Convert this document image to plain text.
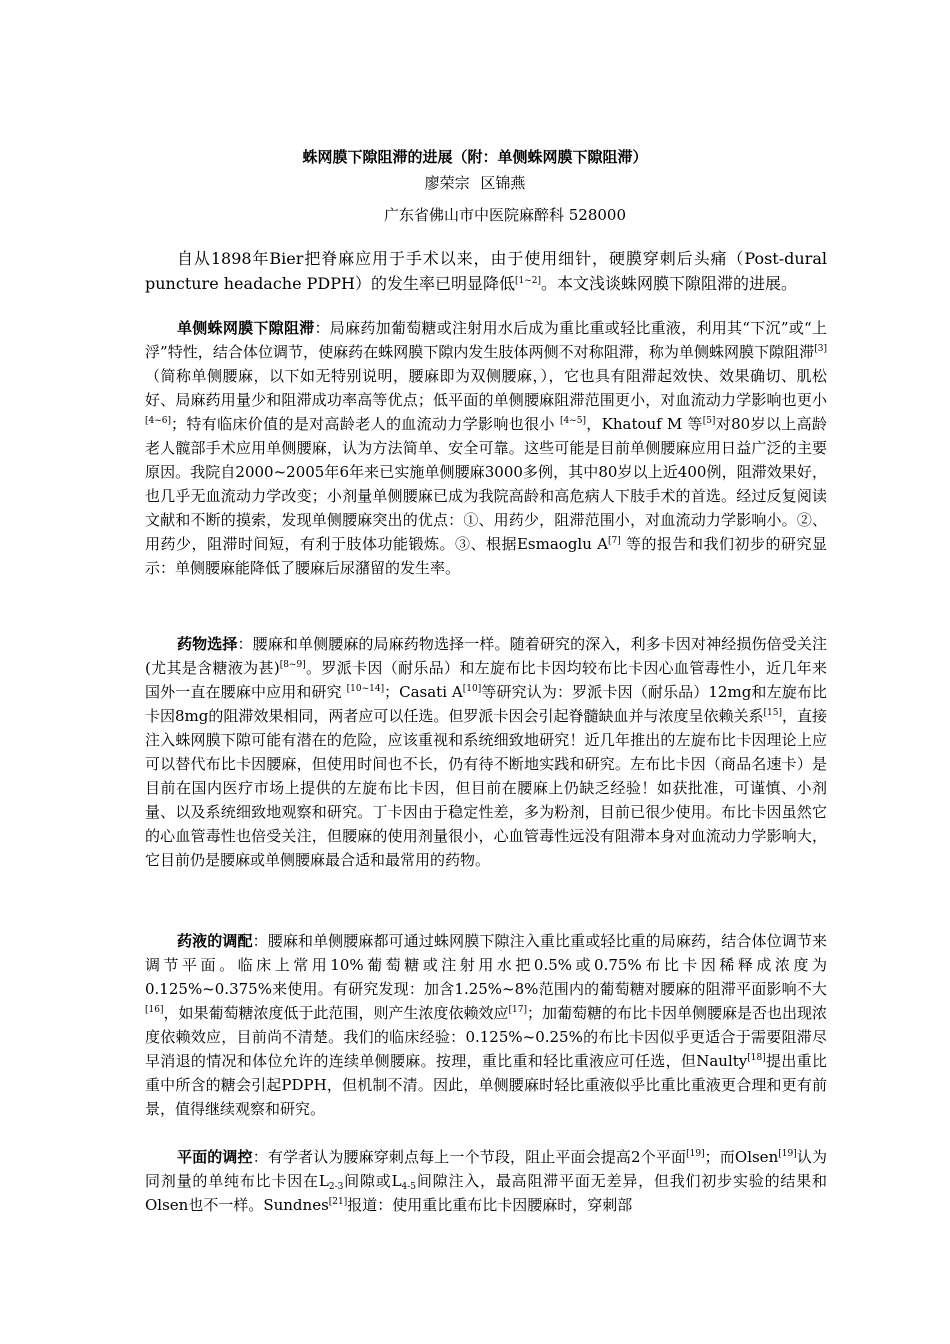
蛛网膜下隙阻滞的进展（附：单侧蛛网膜下隙阻滞）
廖荣宗 区锦燕
广东省佛山市中医院麻醉科 528000

自从1898年Bier把脊麻应用于手术以来，由于使用细针，硬膜穿刺后头痛（Post-dural puncture headache PDPH）的发生率已明显降低[1~2]。本文浅谈蛛网膜下隙阻滞的进展。

单侧蛛网膜下隙阻滞：局麻药加葡萄糖或注射用水后成为重比重或轻比重液，利用其“下沉”或“上浮”特性，结合体位调节，使麻药在蛛网膜下隙内发生肢体两侧不对称阻滞，称为单侧蛛网膜下隙阻滞[3]（简称单侧腰麻，以下如无特别说明，腰麻即为双侧腰麻，），它也具有阻滞起效快、效果确切、肌松好、局麻药用量少和阻滞成功率高等优点；低平面的单侧腰麻阻滞范围更小，对血流动力学影响也更小[4~6]；特有临床价值的是对高龄老人的血流动力学影响也很小 [4~5]，Khatouf M 等[5]对80岁以上高龄老人髋部手术应用单侧腰麻，认为方法简单、安全可靠。这些可能是目前单侧腰麻应用日益广泛的主要原因。我院自2000~2005年6年来已实施单侧腰麻3000多例，其中80岁以上近400例，阻滞效果好，也几乎无血流动力学改变；小剂量单侧腰麻已成为我院高龄和高危病人下肢手术的首选。经过反复阅读文献和不断的摸索，发现单侧腰麻突出的优点：①、用药少，阻滞范围小，对血流动力学影响小。②、用药少，阻滞时间短，有利于肢体功能锻炼。③、根据Esmaoglu A[7] 等的报告和我们初步的研究显示：单侧腰麻能降低了腰麻后尿潴留的发生率。

药物选择：腰麻和单侧腰麻的局麻药物选择一样。随着研究的深入，利多卡因对神经损伤倍受关注(尤其是含糖液为甚)[8~9]。罗派卡因（耐乐品）和左旋布比卡因均较布比卡因心血管毒性小，近几年来国外一直在腰麻中应用和研究 [10~14]；Casati A[10]等研究认为：罗派卡因（耐乐品）12mg和左旋布比卡因8mg的阻滞效果相同，两者应可以任选。但罗派卡因会引起脊髓缺血并与浓度呈依赖关系[15]，直接注入蛛网膜下隙可能有潜在的危险，应该重视和系统细致地研究！近几年推出的左旋布比卡因理论上应可以替代布比卡因腰麻，但使用时间也不长，仍有待不断地实践和研究。左布比卡因（商品名速卡）是目前在国内医疗市场上提供的左旋布比卡因，但目前在腰麻上仍缺乏经验！如获批准，可谨慎、小剂量、以及系统细致地观察和研究。丁卡因由于稳定性差，多为粉剂，目前已很少使用。布比卡因虽然它的心血管毒性也倍受关注，但腰麻的使用剂量很小，心血管毒性远没有阻滞本身对血流动力学影响大，它目前仍是腰麻或单侧腰麻最合适和最常用的药物。

药液的调配：腰麻和单侧腰麻都可通过蛛网膜下隙注入重比重或轻比重的局麻药，结合体位调节来调节平面。临床上常用10%葡萄糖或注射用水把0.5%或0.75%布比卡因稀释成浓度为0.125%~0.375%来使用。有研究发现：加含1.25%~8%范围内的葡萄糖对腰麻的阻滞平面影响不大[16]，如果葡萄糖浓度低于此范围，则产生浓度依赖效应[17]；加葡萄糖的布比卡因单侧腰麻是否也出现浓度依赖效应，目前尚不清楚。我们的临床经验：0.125%~0.25%的布比卡因似乎更适合于需要阻滞尽早消退的情况和体位允许的连续单侧腰麻。按理，重比重和轻比重液应可任选，但Naulty[18]提出重比重中所含的糖会引起PDPH，但机制不清。因此，单侧腰麻时轻比重液似乎比重比重液更合理和更有前景，值得继续观察和研究。

平面的调控：有学者认为腰麻穿刺点每上一个节段，阻止平面会提高2个平面[19]；而Olsen[19]认为同剂量的单纯布比卡因在$L_{2-3}$间隙或$L_{4-5}$间隙注入，最高阻滞平面无差异，但我们初步实验的结果和Olsen也不一样。Sundnes[21]报道：使用重比重布比卡因腰麻时，穿刺部
